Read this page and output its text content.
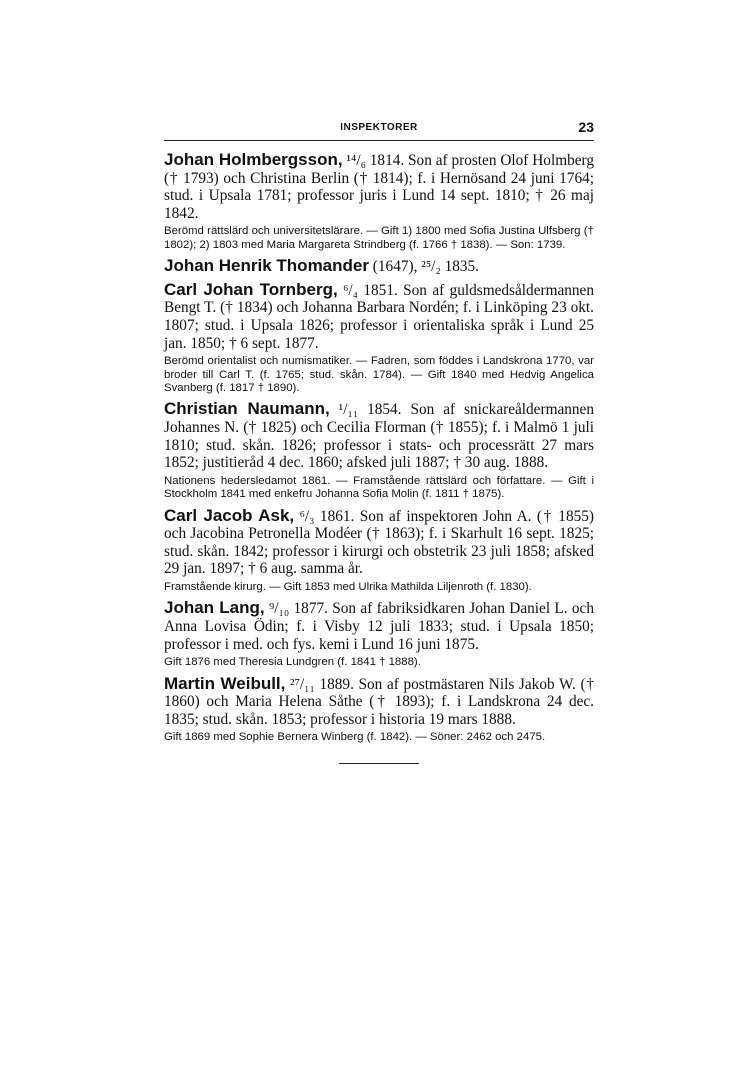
INSPEKTORER	23

Johan Holmbergsson, ¹⁴/₆ 1814. Son af prosten Olof Holmberg († 1793) och Christina Berlin († 1814); f. i Hernösand 24 juni 1764; stud. i Upsala 1781; professor juris i Lund 14 sept. 1810; † 26 maj 1842.

Berömd rättslärd och universitetslärare. — Gift 1) 1800 med Sofia Justina Ulfsberg († 1802); 2) 1803 med Maria Margareta Strindberg (f. 1766 † 1838). — Son: 1739.

Johan Henrik Thomander (1647), ²⁵/₂ 1835.

Carl Johan Tornberg, ⁶/₄ 1851. Son af guldsmedsåldermannen Bengt T. († 1834) och Johanna Barbara Nordén; f. i Linköping 23 okt. 1807; stud. i Upsala 1826; professor i orientaliska språk i Lund 25 jan. 1850; † 6 sept. 1877.

Berömd orientalist och numismatiker. — Fadren, som föddes i Landskrona 1770, var broder till Carl T. (f. 1765; stud. skån. 1784). — Gift 1840 med Hedvig Angelica Svanberg (f. 1817 † 1890).

Christian Naumann, ¹/₁₁ 1854. Son af snickareåldermannen Johannes N. († 1825) och Cecilia Florman († 1855); f. i Malmö 1 juli 1810; stud. skån. 1826; professor i stats- och processrätt 27 mars 1852; justitieråd 4 dec. 1860; afsked juli 1887; † 30 aug. 1888.

Nationens hedersledamot 1861. — Framstående rättslärd och författare. — Gift i Stockholm 1841 med enkefru Johanna Sofia Molin (f. 1811 † 1875).

Carl Jacob Ask, ⁶/₃ 1861. Son af inspektoren John A. († 1855) och Jacobina Petronella Modéer († 1863); f. i Skarhult 16 sept. 1825; stud. skån. 1842; professor i kirurgi och obstetrik 23 juli 1858; afsked 29 jan. 1897; † 6 aug. samma år.

Framstående kirurg. — Gift 1853 med Ulrika Mathilda Liljenroth (f. 1830).

Johan Lang, ⁹/₁₀ 1877. Son af fabriksidkaren Johan Daniel L. och Anna Lovisa Ödin; f. i Visby 12 juli 1833; stud. i Upsala 1850; professor i med. och fys. kemi i Lund 16 juni 1875.

Gift 1876 med Theresia Lundgren (f. 1841 † 1888).

Martin Weibull, ²⁷/₁₁ 1889. Son af postmästaren Nils Jakob W. († 1860) och Maria Helena Såthe († 1893); f. i Landskrona 24 dec. 1835; stud. skån. 1853; professor i historia 19 mars 1888.

Gift 1869 med Sophie Bernera Winberg (f. 1842). — Söner: 2462 och 2475.
